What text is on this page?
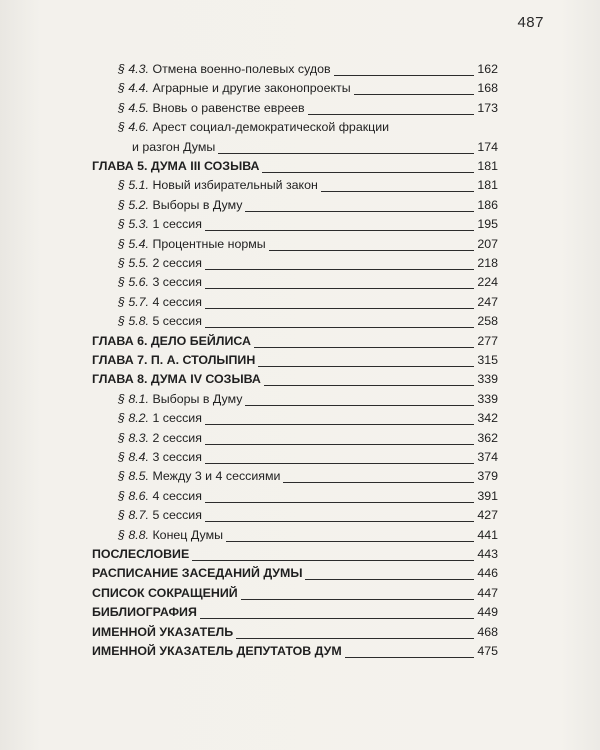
487
§ 4.3. Отмена военно-полевых судов	162
§ 4.4. Аграрные и другие законопроекты	168
§ 4.5. Вновь о равенстве евреев	173
§ 4.6. Арест социал-демократической фракции
и разгон Думы	174
ГЛАВА 5. ДУМА III СОЗЫВА	181
§ 5.1. Новый избирательный закон	181
§ 5.2. Выборы в Думу	186
§ 5.3. 1 сессия	195
§ 5.4. Процентные нормы	207
§ 5.5. 2 сессия	218
§ 5.6. 3 сессия	224
§ 5.7. 4 сессия	247
§ 5.8. 5 сессия	258
ГЛАВА 6. ДЕЛО БЕЙЛИСА	277
ГЛАВА 7. П. А. СТОЛЫПИН	315
ГЛАВА 8. ДУМА IV СОЗЫВА	339
§ 8.1. Выборы в Думу	339
§ 8.2. 1 сессия	342
§ 8.3. 2 сессия	362
§ 8.4. 3 сессия	374
§ 8.5. Между 3 и 4 сессиями	379
§ 8.6. 4 сессия	391
§ 8.7. 5 сессия	427
§ 8.8. Конец Думы	441
ПОСЛЕСЛОВИЕ	443
РАСПИСАНИЕ ЗАСЕДАНИЙ ДУМЫ	446
СПИСОК СОКРАЩЕНИЙ	447
БИБЛИОГРАФИЯ	449
ИМЕННОЙ УКАЗАТЕЛЬ	468
ИМЕННОЙ УКАЗАТЕЛЬ ДЕПУТАТОВ ДУМ	475
